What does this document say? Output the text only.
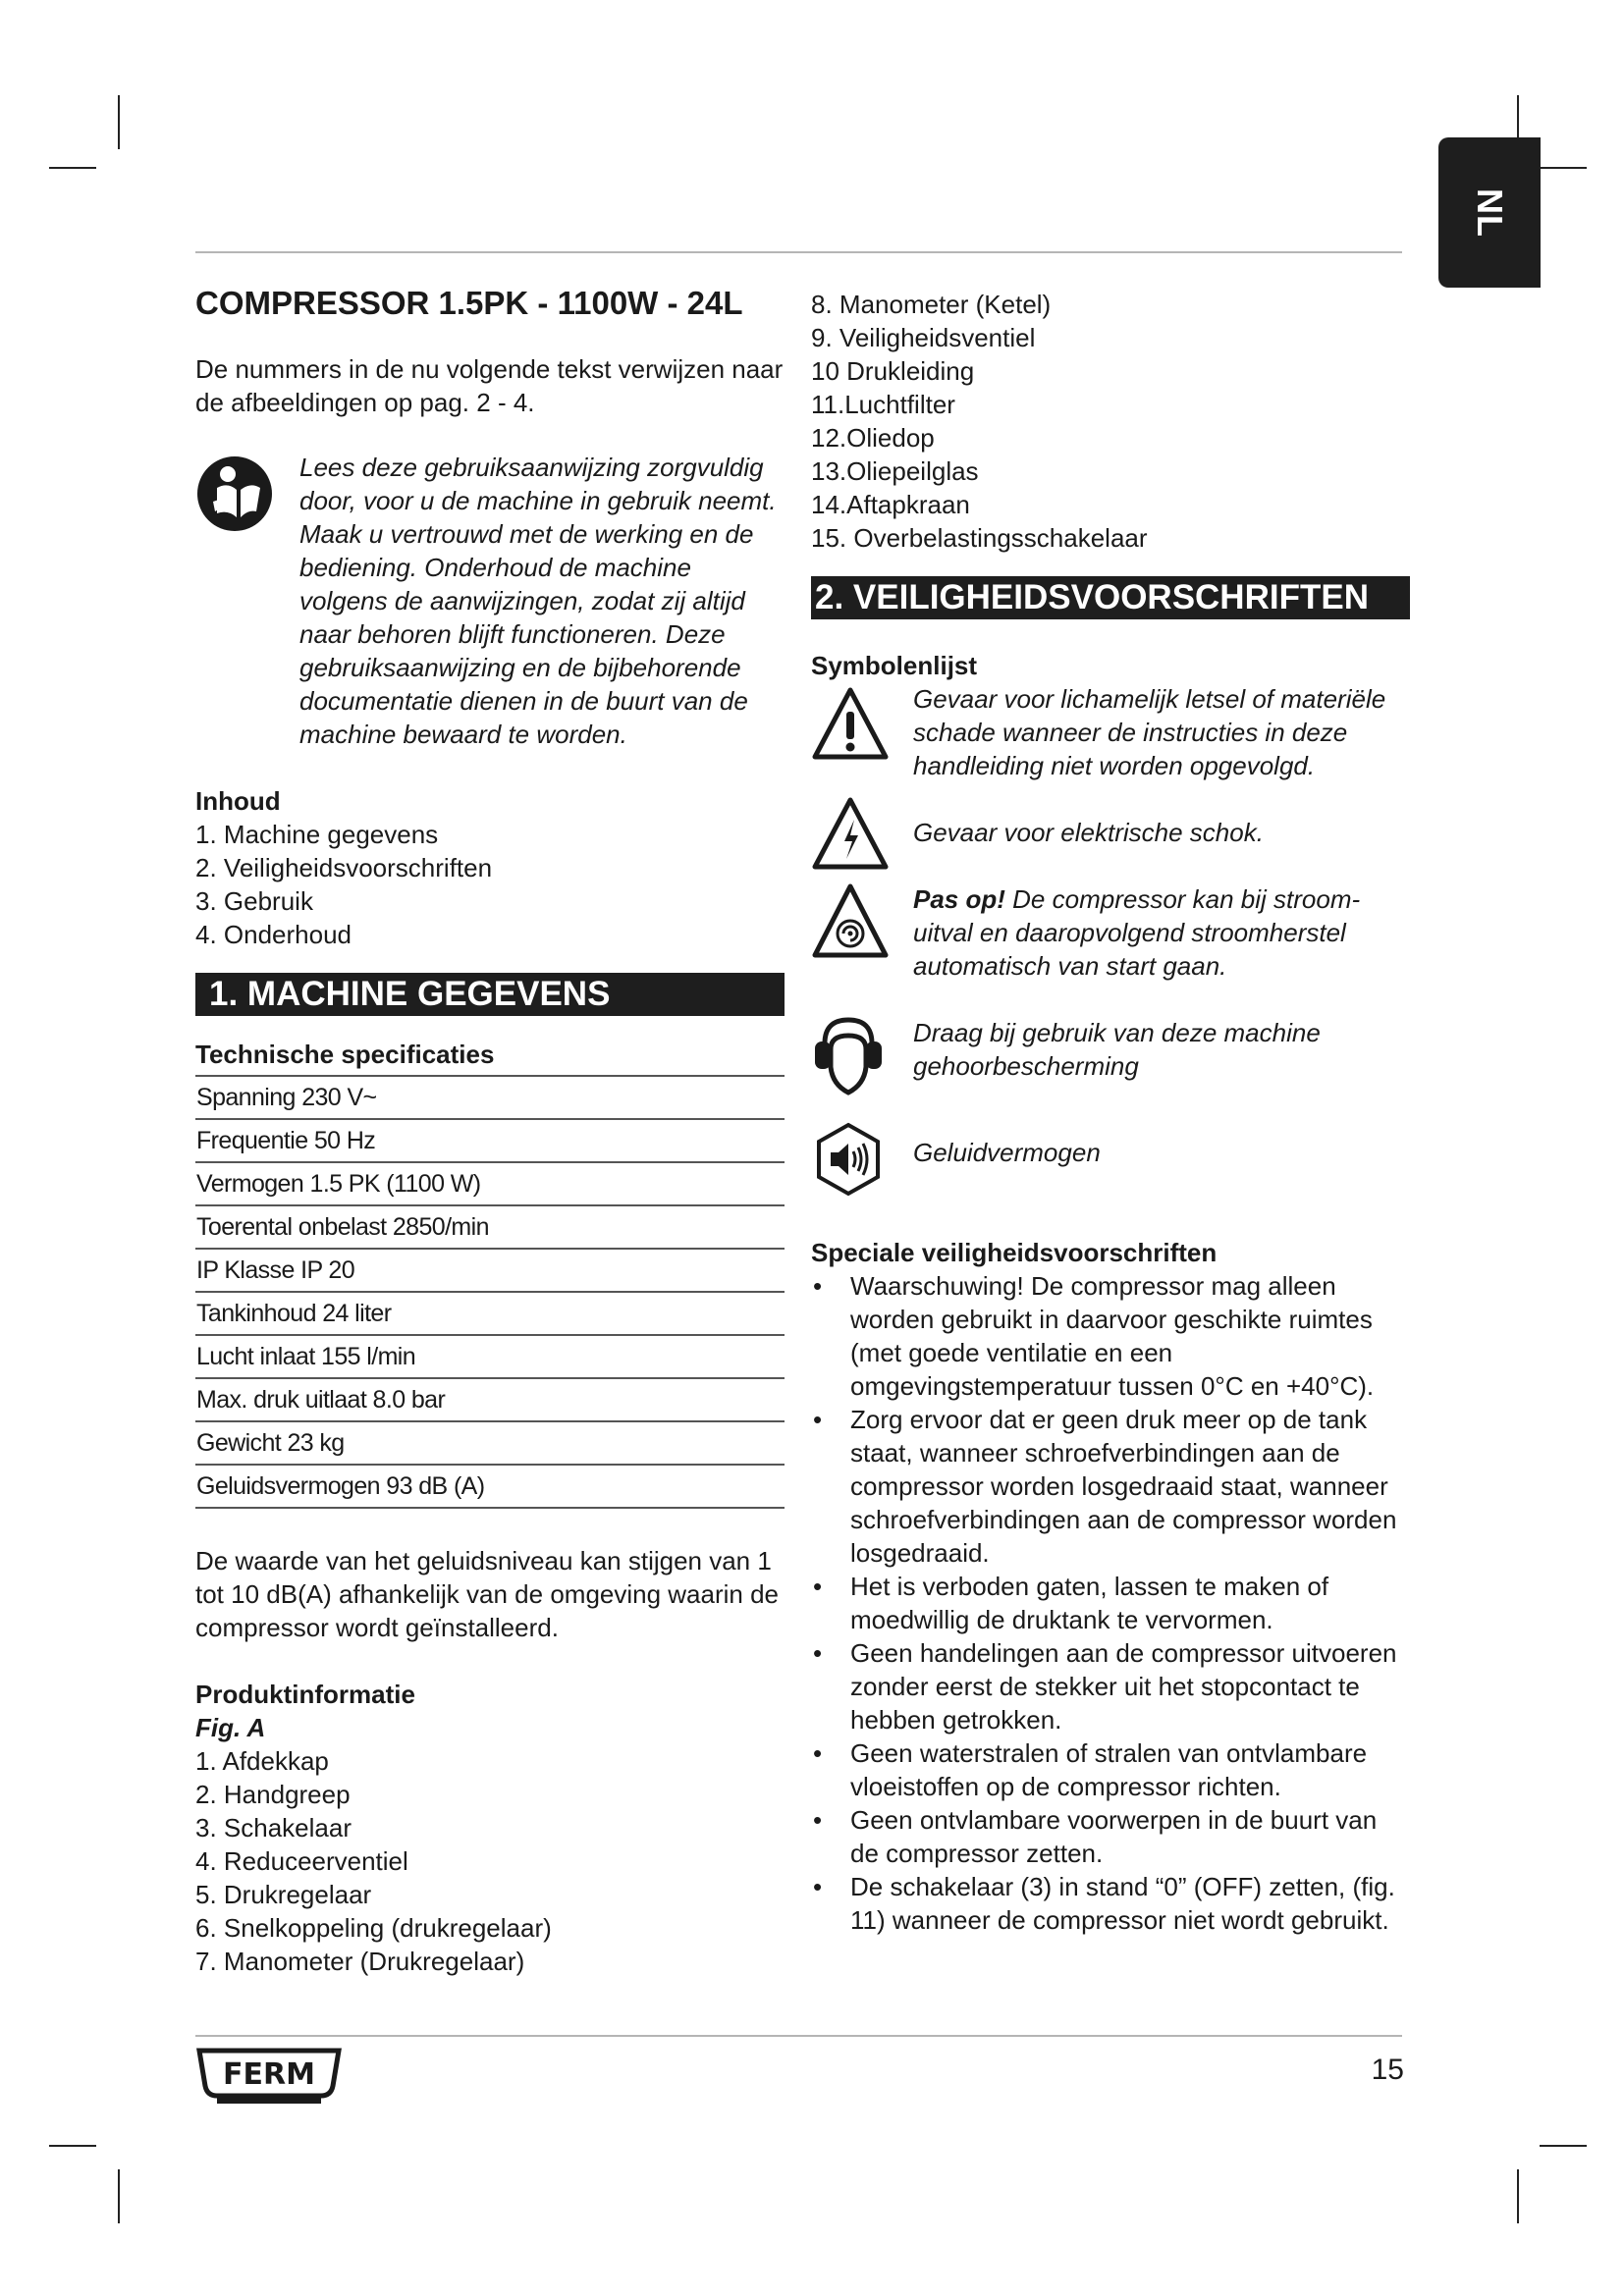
NL
COMPRESSOR 1.5PK - 1100W - 24L

De nummers in de nu volgende tekst verwijzen naar de afbeeldingen op pag. 2 - 4.

Lees deze gebruiksaanwijzing zorgvuldig door, voor u de machine in gebruik neemt. Maak u vertrouwd met de werking en de bediening. Onderhoud de machine volgens de aanwijzingen, zodat zij altijd naar behoren blijft functioneren. Deze gebruiksaanwijzing en de bijbehorende documentatie dienen in de buurt van de machine bewaard te worden.

Inhoud
1. Machine gegevens
2. Veiligheidsvoorschriften
3. Gebruik
4. Onderhoud
1. MACHINE GEGEVENS
Technische specificaties
Spanning 230 V~
Frequentie 50 Hz
Vermogen 1.5 PK (1100 W)
Toerental onbelast 2850/min
IP Klasse IP 20
Tankinhoud 24 liter
Lucht inlaat 155 l/min
Max. druk uitlaat 8.0 bar
Gewicht 23 kg
Geluidsvermogen 93 dB (A)

De waarde van het geluidsniveau kan stijgen van 1 tot 10 dB(A) afhankelijk van de omgeving waarin de compressor wordt geïnstalleerd.

Produktinformatie
Fig. A
1. Afdekkap
2. Handgreep
3. Schakelaar
4. Reduceerventiel
5. Drukregelaar
6. Snelkoppeling (drukregelaar)
7. Manometer (Drukregelaar)
8. Manometer (Ketel)
9. Veiligheidsventiel
10 Drukleiding
11.Luchtfilter
12.Oliedop
13.Oliepeilglas
14.Aftapkraan
15. Overbelastingsschakelaar
2. VEILIGHEIDSVOORSCHRIFTEN
Symbolenlijst

Gevaar voor lichamelijk letsel of materiële schade wanneer de instructies in deze handleiding niet worden opgevolgd.

Gevaar voor elektrische schok.

Pas op! De compressor kan bij stroom-uitval en daaropvolgend stroomherstel automatisch van start gaan.

Draag bij gebruik van deze machine gehoorbescherming

Geluidvermogen

Speciale veiligheidsvoorschriften
• Waarschuwing! De compressor mag alleen worden gebruikt in daarvoor geschikte ruimtes (met goede ventilatie en een omgevingstemperatuur tussen 0°C en +40°C).
• Zorg ervoor dat er geen druk meer op de tank staat, wanneer schroefverbindingen aan de compressor worden losgedraaid staat, wanneer schroefverbindingen aan de compressor worden losgedraaid.
• Het is verboden gaten, lassen te maken of moedwillig de druktank te vervormen.
• Geen handelingen aan de compressor uitvoeren zonder eerst de stekker uit het stopcontact te hebben getrokken.
• Geen waterstralen of stralen van ontvlambare vloeistoffen op de compressor richten.
• Geen ontvlambare voorwerpen in de buurt van de compressor zetten.
• De schakelaar (3) in stand “0” (OFF) zetten, (fig. 11) wanneer de compressor niet wordt gebruikt.
FERM	15
